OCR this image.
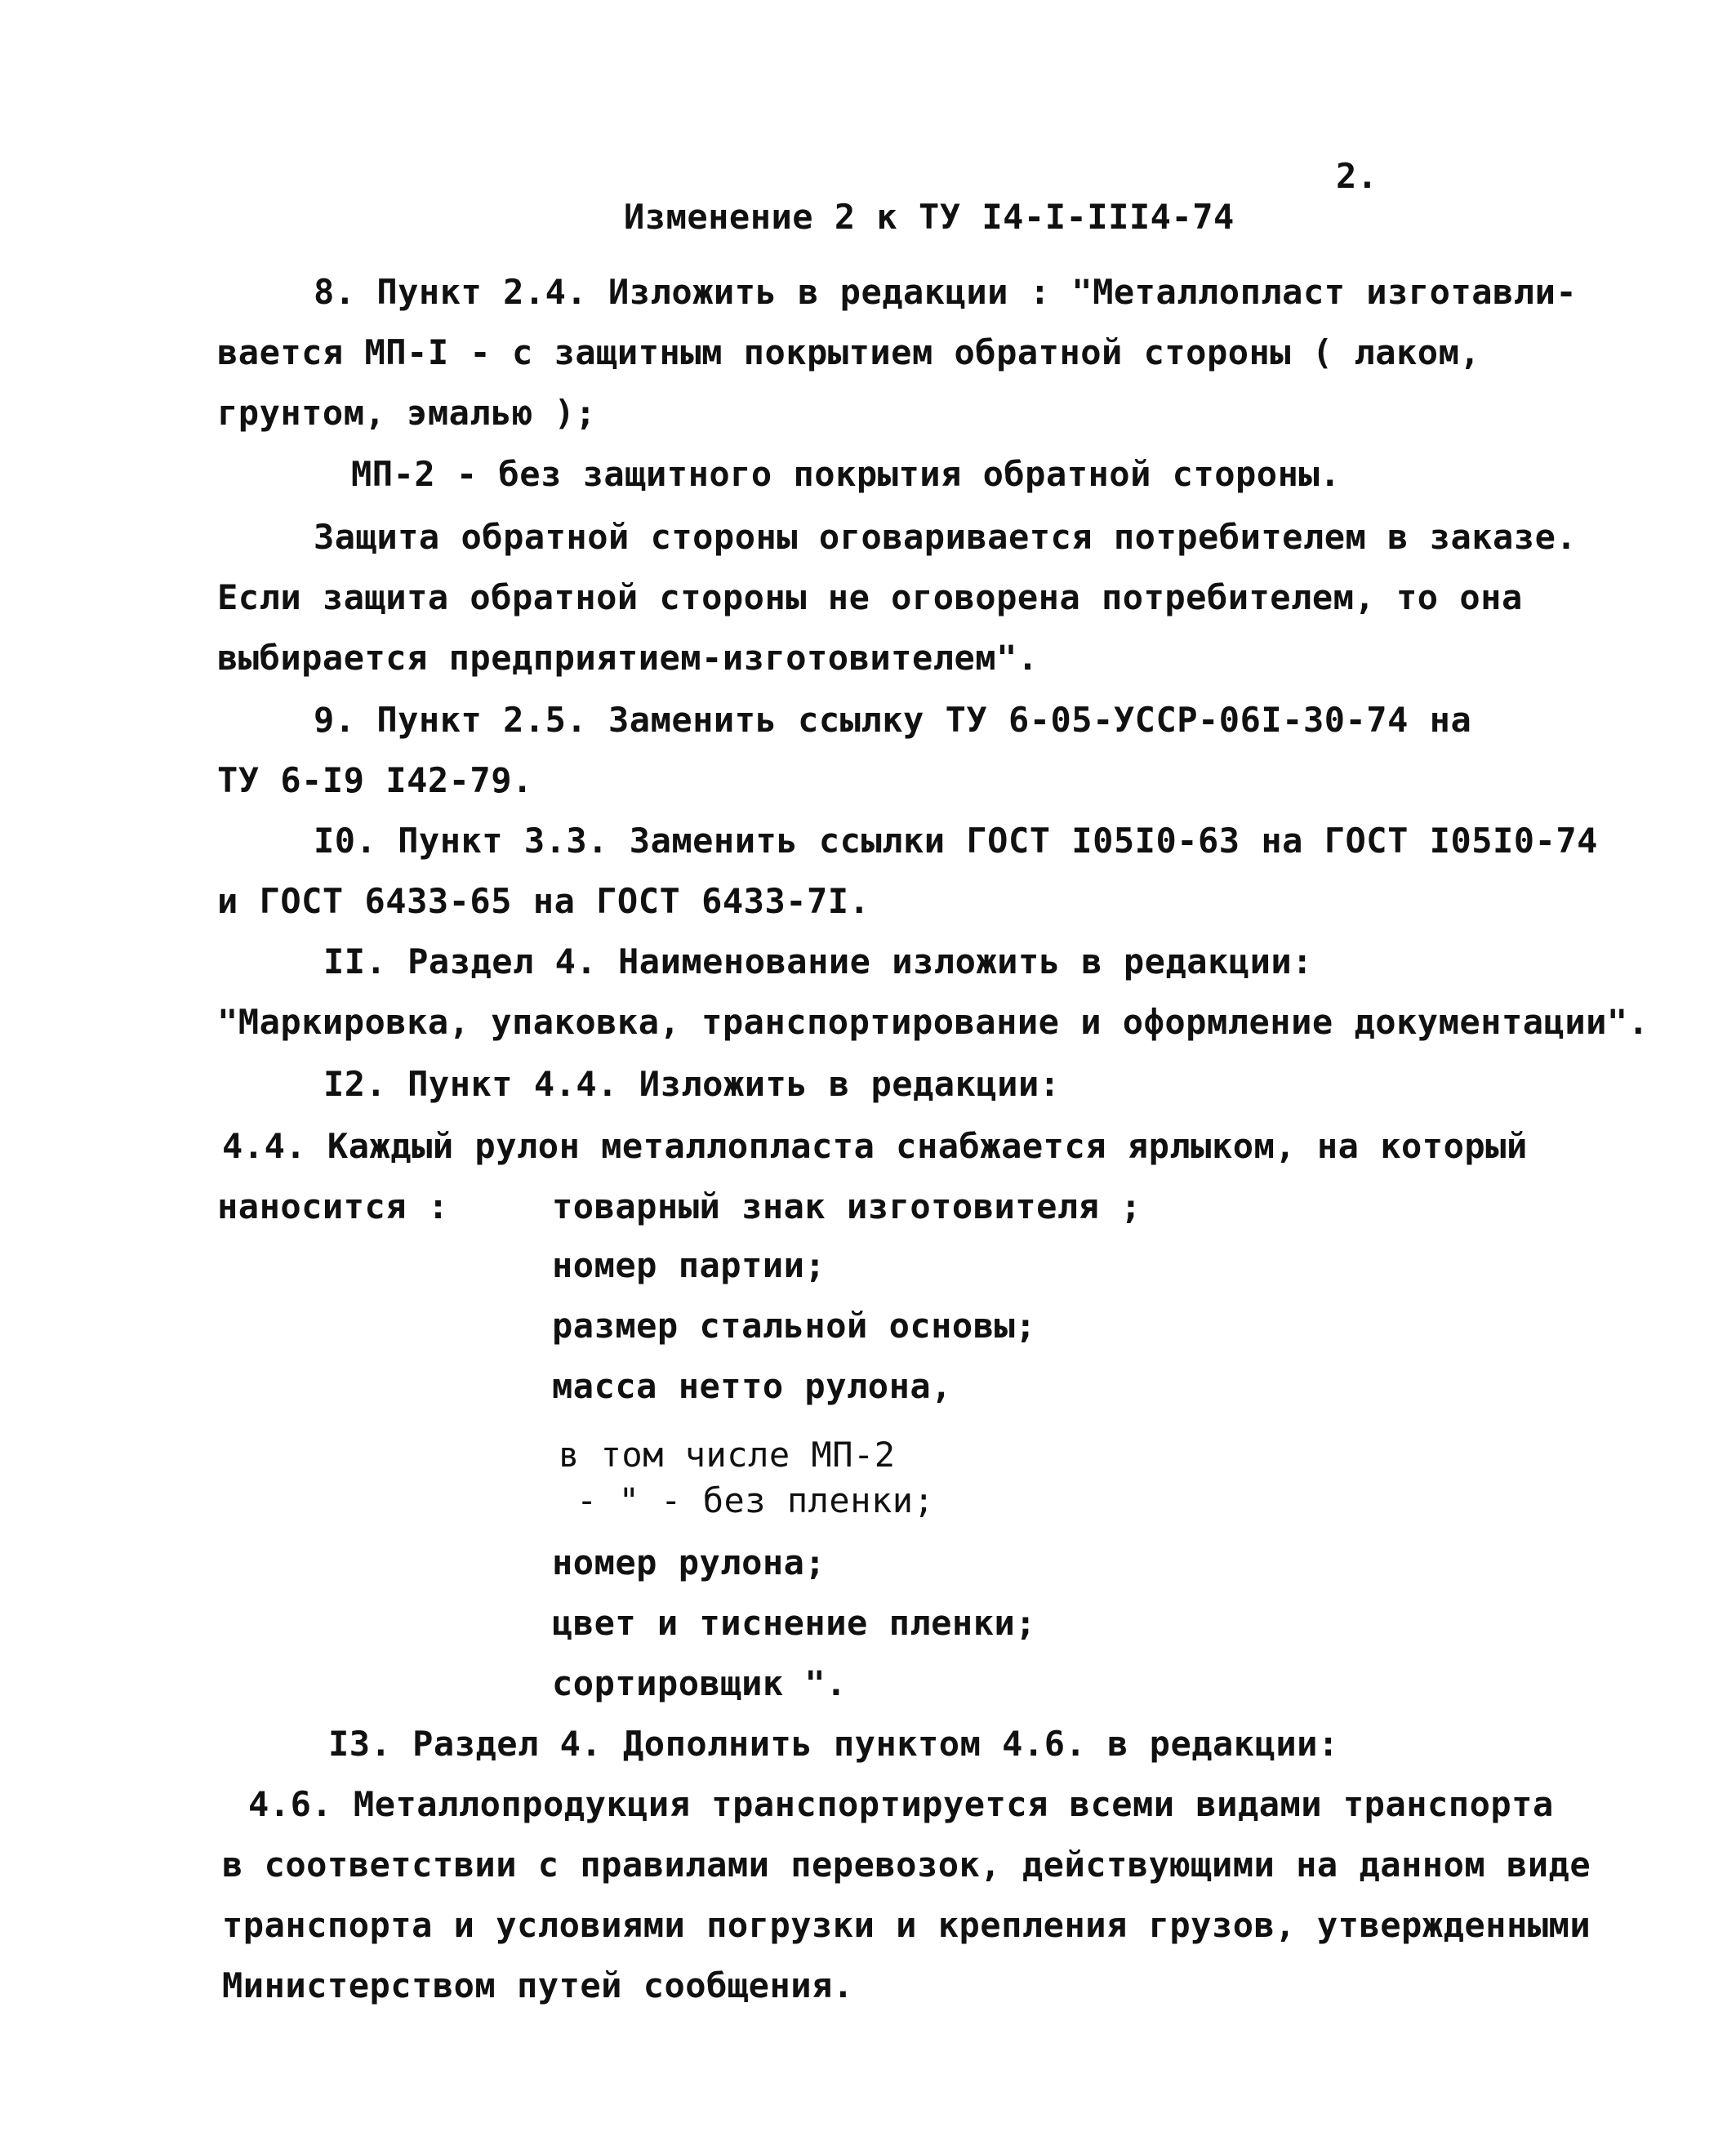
2.
Изменение 2 к ТУ I4-I-III4-74
8. Пункт 2.4. Изложить в редакции : "Металлопласт изготавли-
вается МП-I - с защитным покрытием обратной стороны ( лаком,
грунтом, эмалью );
МП-2 - без защитного покрытия обратной стороны.
Защита обратной стороны оговаривается потребителем в заказе.
Если защита обратной стороны не оговорена потребителем, то она
выбирается предприятием-изготовителем".
9. Пункт 2.5. Заменить ссылку ТУ 6-05-УССР-06I-30-74 на
ТУ 6-I9 I42-79.
I0. Пункт 3.3. Заменить ссылки ГОСТ I05I0-63 на ГОСТ I05I0-74
и ГОСТ 6433-65 на ГОСТ 6433-7I.
II. Раздел 4. Наименование изложить в редакции:
"Маркировка, упаковка, транспортирование и оформление документации".
I2. Пункт 4.4. Изложить в редакции:
4.4. Каждый рулон металлопласта снабжается ярлыком, на который
наносится :	товарный знак изготовителя ;
номер партии;
размер стальной основы;
масса нетто рулона,
в том числе МП-2
- " - без пленки;
номер рулона;
цвет и тиснение пленки;
сортировщик ".
I3. Раздел 4. Дополнить пунктом 4.6. в редакции:
4.6. Металлопродукция транспортируется всеми видами транспорта
в соответствии с правилами перевозок, действующими на данном виде
транспорта и условиями погрузки и крепления грузов, утвержденными
Министерством путей сообщения.
